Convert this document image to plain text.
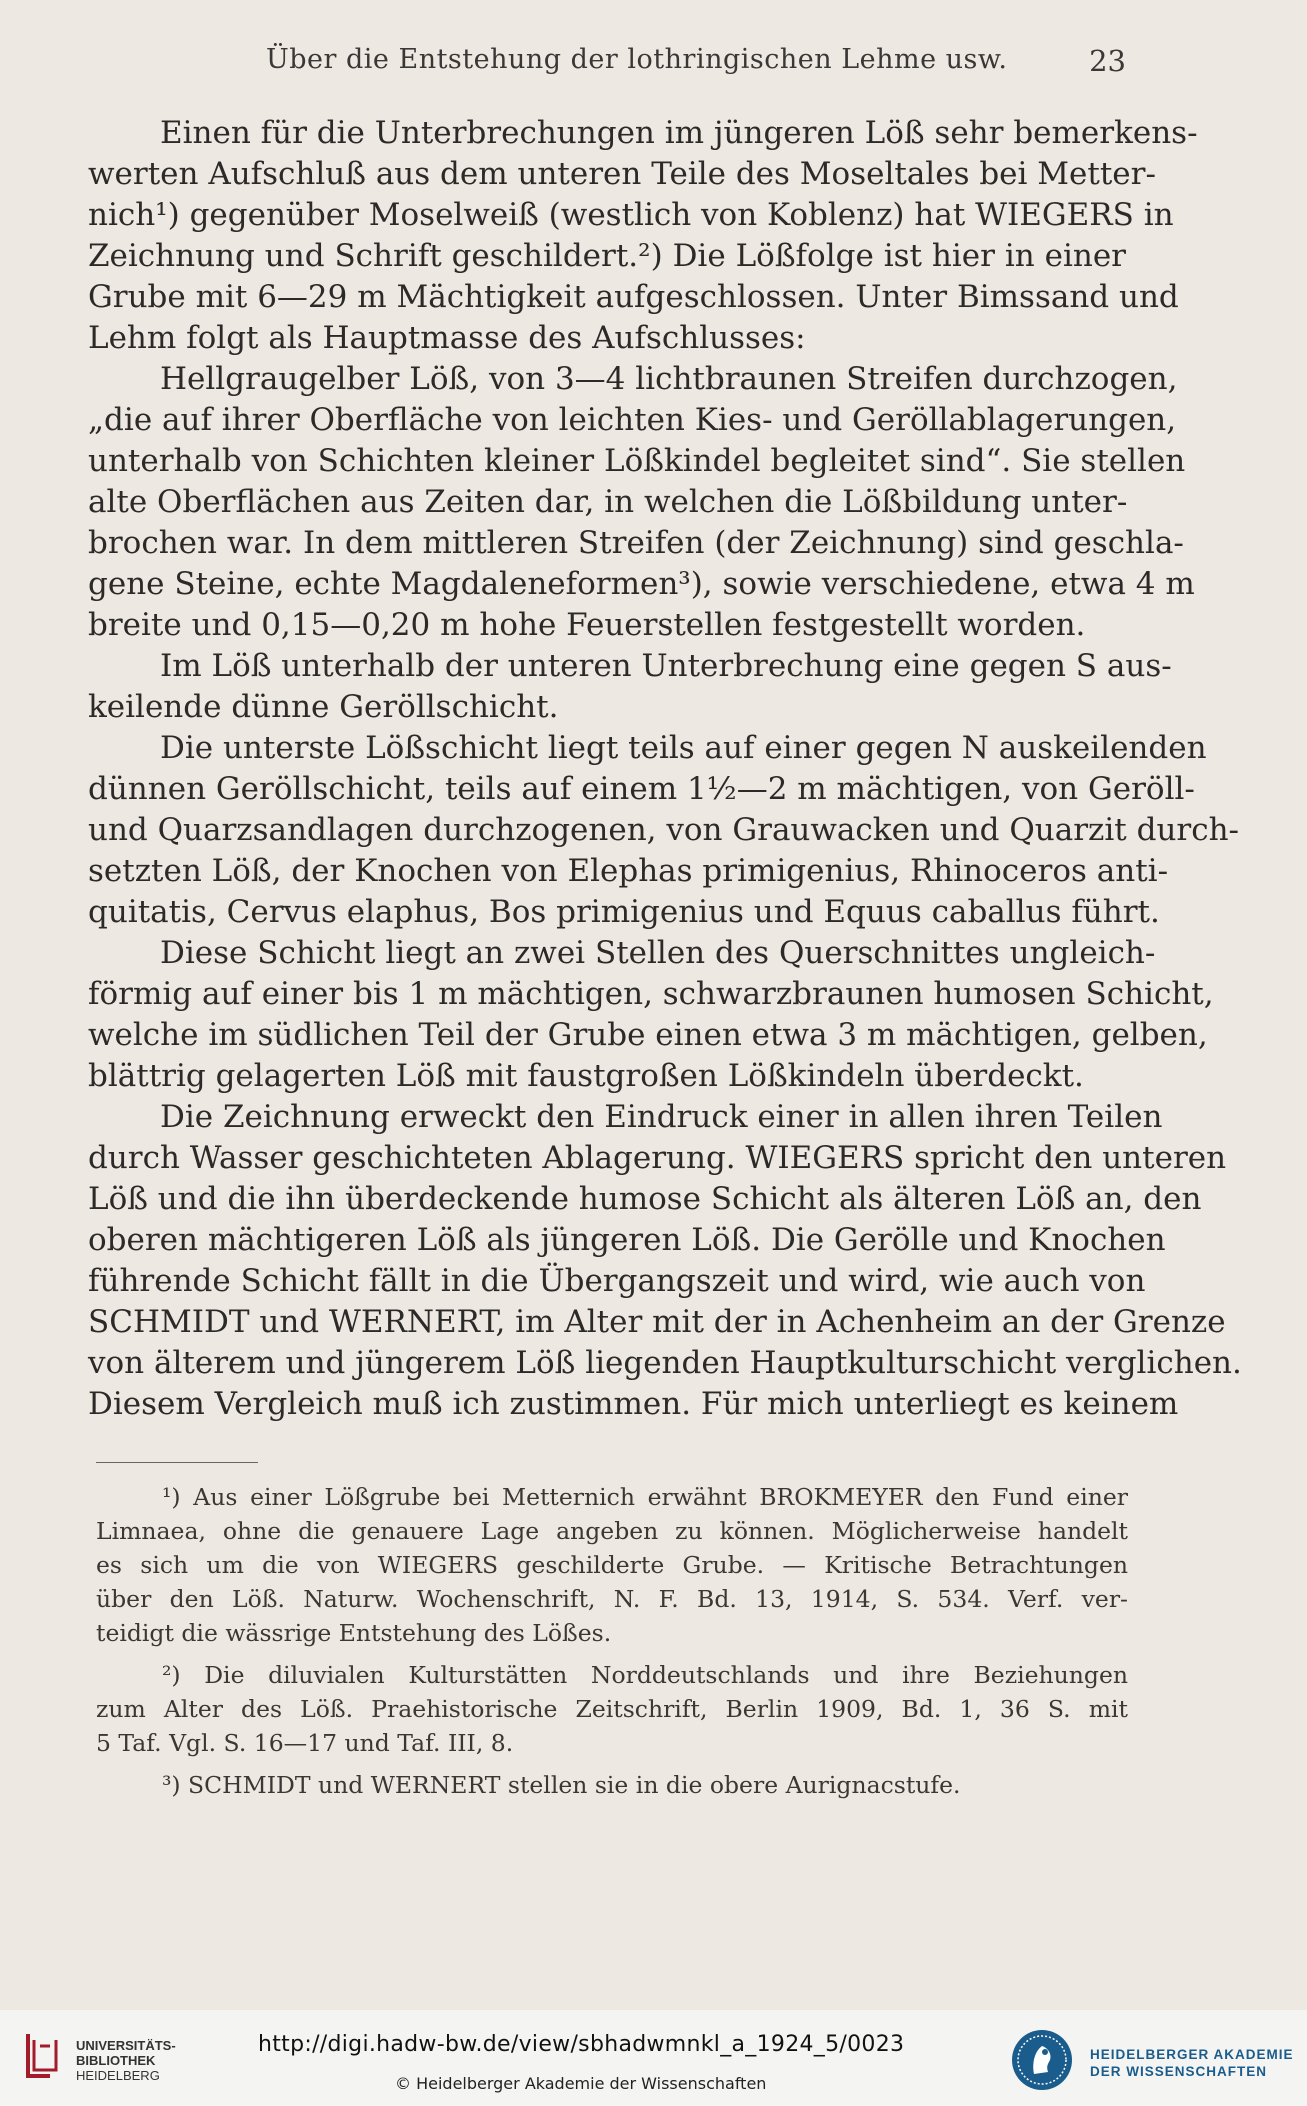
Über die Entstehung der lothringischen Lehme usw.	23
Einen für die Unterbrechungen im jüngeren Löß sehr bemerkens-
werten Aufschluß aus dem unteren Teile des Moseltales bei Metter-
nich¹) gegenüber Moselweiß (westlich von Koblenz) hat WIEGERS in
Zeichnung und Schrift geschildert.²) Die Lößfolge ist hier in einer
Grube mit 6—29 m Mächtigkeit aufgeschlossen. Unter Bimssand und
Lehm folgt als Hauptmasse des Aufschlusses:
Hellgraugelber Löß, von 3—4 lichtbraunen Streifen durchzogen,
„die auf ihrer Oberfläche von leichten Kies- und Geröllablagerungen,
unterhalb von Schichten kleiner Lößkindel begleitet sind“. Sie stellen
alte Oberflächen aus Zeiten dar, in welchen die Lößbildung unter-
brochen war. In dem mittleren Streifen (der Zeichnung) sind geschla-
gene Steine, echte Magdaleneformen³), sowie verschiedene, etwa 4 m
breite und 0,15—0,20 m hohe Feuerstellen festgestellt worden.
Im Löß unterhalb der unteren Unterbrechung eine gegen S aus-
keilende dünne Geröllschicht.
Die unterste Lößschicht liegt teils auf einer gegen N auskeilenden
dünnen Geröllschicht, teils auf einem 1½—2 m mächtigen, von Geröll-
und Quarzsandlagen durchzogenen, von Grauwacken und Quarzit durch-
setzten Löß, der Knochen von Elephas primigenius, Rhinoceros anti-
quitatis, Cervus elaphus, Bos primigenius und Equus caballus führt.
Diese Schicht liegt an zwei Stellen des Querschnittes ungleich-
förmig auf einer bis 1 m mächtigen, schwarzbraunen humosen Schicht,
welche im südlichen Teil der Grube einen etwa 3 m mächtigen, gelben,
blättrig gelagerten Löß mit faustgroßen Lößkindeln überdeckt.
Die Zeichnung erweckt den Eindruck einer in allen ihren Teilen
durch Wasser geschichteten Ablagerung. WIEGERS spricht den unteren
Löß und die ihn überdeckende humose Schicht als älteren Löß an, den
oberen mächtigeren Löß als jüngeren Löß. Die Gerölle und Knochen
führende Schicht fällt in die Übergangszeit und wird, wie auch von
SCHMIDT und WERNERT, im Alter mit der in Achenheim an der Grenze
von älterem und jüngerem Löß liegenden Hauptkulturschicht verglichen.
Diesem Vergleich muß ich zustimmen. Für mich unterliegt es keinem
¹) Aus einer Lößgrube bei Metternich erwähnt BROKMEYER den Fund einer
Limnaea, ohne die genauere Lage angeben zu können. Möglicherweise handelt
es sich um die von WIEGERS geschilderte Grube. — Kritische Betrachtungen
über den Löß. Naturw. Wochenschrift, N. F. Bd. 13, 1914, S. 534. Verf. ver-
teidigt die wässrige Entstehung des Lößes.
²) Die diluvialen Kulturstätten Norddeutschlands und ihre Beziehungen
zum Alter des Löß. Praehistorische Zeitschrift, Berlin 1909, Bd. 1, 36 S. mit
5 Taf. Vgl. S. 16—17 und Taf. III, 8.
³) SCHMIDT und WERNERT stellen sie in die obere Aurignacstufe.
UNIVERSITÄTS-
BIBLIOTHEK
HEIDELBERG
http://digi.hadw-bw.de/view/sbhadwmnkl_a_1924_5/0023
© Heidelberger Akademie der Wissenschaften
HEIDELBERGER AKADEMIE
DER WISSENSCHAFTEN
